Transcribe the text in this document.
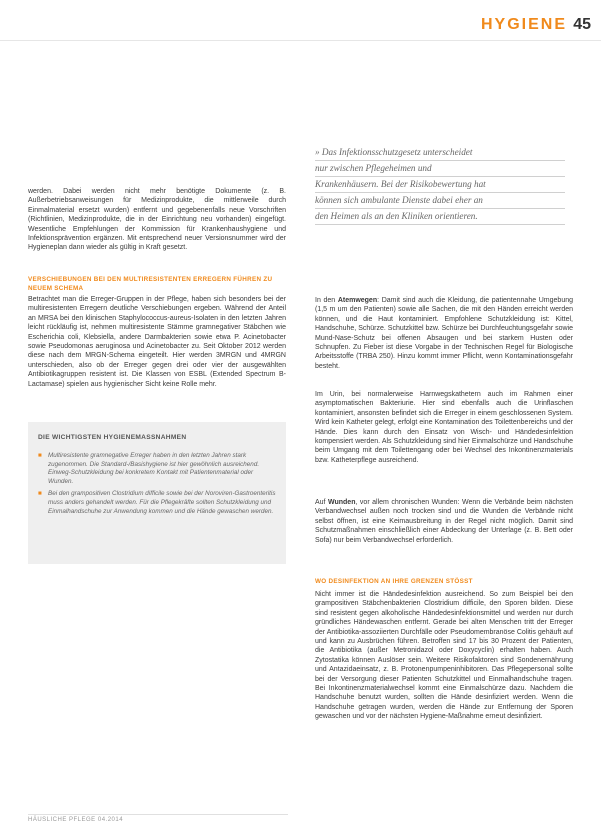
HYGIENE 45
» Das Infektionsschutzgesetz unterscheidet
nur zwischen Pflegeheimen und
Krankenhäusern. Bei der Risikobewertung hat
können sich ambulante Dienste dabei eher an
den Heimen als an den Kliniken orientieren.

werden. Dabei werden nicht mehr benötigte Dokumente (z. B. Außerbetriebsanweisungen für Medizinprodukte, die mittlerweile durch Einmalmaterial ersetzt wurden) entfernt und gegebenenfalls neue Vorschriften (Richtlinien, Medizinprodukte, die in der Einrichtung neu vorhanden) eingefügt. Wesentliche Empfehlungen der Kommission für Krankenhaushygiene und Infektionsprävention ergänzen. Mit entsprechend neuer Versionsnummer wird der Hygieneplan dann wieder als gültig in Kraft gesetzt.

VERSCHIEBUNGEN BEI DEN MULTIRESISTENTEN ERREGERN FÜHREN ZU NEUEM SCHEMA

Betrachtet man die Erreger-Gruppen in der Pflege, haben sich besonders bei der multiresistenten Erregern deutliche Verschiebungen ergeben. Während der Anteil an MRSA bei den klinischen Staphylococcus-aureus-Isolaten in den letzten Jahren leicht rückläufig ist, nehmen multiresistente Stämme gramnegativer Stäbchen wie Escherichia coli, Klebsiella, andere Darmbakterien sowie etwa P. Acinetobacter sowie Pseudomonas aeruginosa und Acinetobacter zu. Seit Oktober 2012 werden diese nach dem MRGN-Schema eingeteilt. Hier werden 3MRGN und 4MRGN unterschieden, also ob der Erreger gegen drei oder vier der ausgewählten Antibiotikagruppen resistent ist. Die Klassen von ESBL (Extended Spectrum B-Lactamase) spielen aus hygienischer Sicht keine Rolle mehr.

DIE WICHTIGSTEN HYGIENEMASSNAHMEN
■ Multiresistente gramnegative Erreger haben in den letzten Jahren stark zugenommen. Die Standard-/Basishygiene ist hier gewöhnlich ausreichend. Einweg-Schutzkleidung bei konkretem Kontakt mit Patientenmaterial oder Wunden.
■ Bei den grampositiven Clostridium difficile sowie bei der Noroviren-Gastroenteritis muss anders gehandelt werden. Für die Pflegekräfte sollten Schutzkleidung und Einmalhandschuhe zur Anwendung kommen und die Hände gewaschen werden.

In den Atemwegen: Damit sind auch die Kleidung, die patientennahe Umgebung (1,5 m um den Patienten) sowie alle Sachen, die mit den Händen erreicht werden können, und die Haut kontaminiert. Empfohlene Schutzkleidung ist: Kittel, Handschuhe, Schürze. Schutzkittel bzw. Schürze bei Durchfeuchtungsgefahr sowie Mund-Nase-Schutz bei offenen Absaugen und bei starkem Husten oder Schnupfen. Zu Fieber ist diese Vorgabe in der Technischen Regel für Biologische Arbeitsstoffe (TRBA 250). Hinzu kommt immer Pflicht, wenn Kontaminationsgefahr besteht.

Im Urin, bei normalerweise Harnwegskathetern auch im Rahmen einer asymptomatischen Bakteriurie. Hier sind ebenfalls auch die Urinflaschen kontaminiert, ansonsten befindet sich die Erreger in einem geschlossenen System. Wird kein Katheter gelegt, erfolgt eine Kontamination des Toilettenbereichs und der Hände. Dies kann durch den Einsatz von Wisch- und Händedesinfektion kompensiert werden. Als Schutzkleidung sind hier Einmalschürze und Handschuhe beim Umgang mit dem Toilettengang oder bei Wechsel des Inkontinenzmaterials bzw. Katheterpflege ausreichend.

Auf Wunden, vor allem chronischen Wunden: Wenn die Verbände beim nächsten Verbandwechsel außen noch trocken sind und die Wunden die Verbände nicht selbst öffnen, ist eine Keimausbreitung in der Regel nicht möglich. Damit sind Schutzmaßnahmen einschließlich einer Abdeckung der Unterlage (z. B. Bett oder Sofa) nur beim Verbandwechsel erforderlich.

WO DESINFEKTION AN IHRE GRENZEN STÖSST

Nicht immer ist die Händedesinfektion ausreichend. So zum Beispiel bei den grampositiven Stäbchenbakterien Clostridium difficile, den Sporen bilden. Diese sind resistent gegen alkoholische Händedesinfektionsmittel und werden nur durch gründliches Händewaschen entfernt. Gerade bei alten Menschen tritt der Erreger der Antibiotika-assoziierten Durchfälle oder Pseudomembranöse Colitis gehäuft auf und kann zu Ausbrüchen führen. Betroffen sind 17 bis 30 Prozent der Patienten, die Antibiotika (außer Metronidazol oder Doxycyclin) erhalten haben. Auch Zytostatika können Auslöser sein. Weitere Risikofaktoren sind Sondenernährung und Antazidaeinsatz, z. B. Protonenpumpeninhibitoren. Das Pflegepersonal sollte bei der Versorgung dieser Patienten Schutzkittel und Einmalhandschuhe tragen. Bei Inkontinenzmaterialwechsel kommt eine Einmalschürze dazu. Nachdem die Handschuhe benutzt wurden, sollten die Hände desinfiziert werden. Wenn die Handschuhe getragen wurden, werden die Hände zur Entfernung der Sporen gewaschen und vor der nächsten Hygiene-Maßnahme erneut desinfiziert.

HÄUSLICHE PFLEGE 04.2014
